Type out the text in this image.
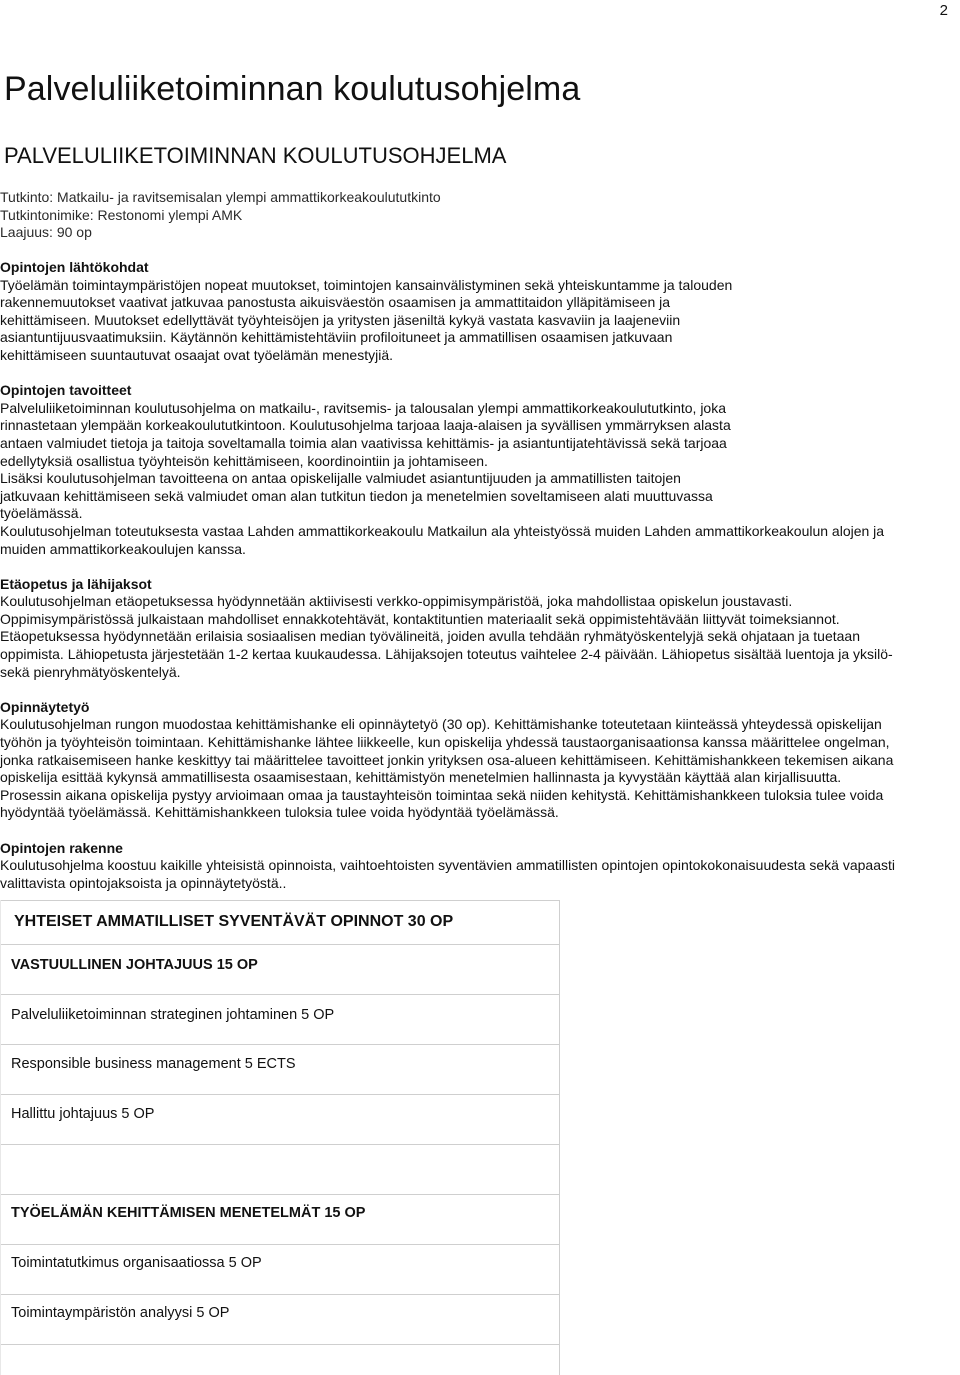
2
Palveluliiketoiminnan koulutusohjelma
PALVELULIIKETOIMINNAN KOULUTUSOHJELMA
Tutkinto: Matkailu- ja ravitsemisalan ylempi ammattikorkeakoulututkinto
Tutkintonimike: Restonomi ylempi AMK
Laajuus: 90 op

Opintojen lähtökohdat

Työelämän toimintaympäristöjen nopeat muutokset, toimintojen kansainvälistyminen sekä yhteiskuntamme ja talouden
rakennemuutokset vaativat jatkuvaa panostusta aikuisväestön osaamisen ja ammattitaidon ylläpitämiseen ja
kehittämiseen. Muutokset edellyttävät työyhteisöjen ja yritysten jäseniltä kykyä vastata kasvaviin ja laajeneviin
asiantuntijuusvaatimuksiin. Käytännön kehittämistehtäviin profiloituneet ja ammatillisen osaamisen jatkuvaan
kehittämiseen suuntautuvat osaajat ovat työelämän menestyjiä.

Opintojen tavoitteet

Palveluliiketoiminnan koulutusohjelma on matkailu-, ravitsemis- ja talousalan ylempi ammattikorkeakoulututkinto, joka
rinnastetaan ylempään korkeakoulututkintoon. Koulutusohjelma tarjoaa laaja-alaisen ja syvällisen ymmärryksen alasta
antaen valmiudet tietoja ja taitoja soveltamalla toimia alan vaativissa kehittämis- ja asiantuntijatehtävissä sekä tarjoaa
edellytyksiä osallistua työyhteisön kehittämiseen, koordinointiin ja johtamiseen.
Lisäksi koulutusohjelman tavoitteena on antaa opiskelijalle valmiudet asiantuntijuuden ja ammatillisten taitojen
jatkuvaan kehittämiseen sekä valmiudet oman alan tutkitun tiedon ja menetelmien soveltamiseen alati muuttuvassa
työelämässä.
Koulutusohjelman toteutuksesta vastaa Lahden ammattikorkeakoulu Matkailun ala yhteistyössä muiden Lahden ammattikorkeakoulun alojen ja
muiden ammattikorkeakoulujen kanssa.

Etäopetus ja lähijaksot

Koulutusohjelman etäopetuksessa hyödynnetään aktiivisesti verkko-oppimisympäristöä, joka mahdollistaa opiskelun joustavasti.
Oppimisympäristössä julkaistaan mahdolliset ennakkotehtävät, kontaktituntien materiaalit sekä oppimistehtävään liittyvät toimeksiannot.
Etäopetuksessa hyödynnetään erilaisia sosiaalisen median työvälineitä, joiden avulla tehdään ryhmätyöskentelyjä sekä ohjataan ja tuetaan
oppimista. Lähiopetusta järjestetään 1-2 kertaa kuukaudessa. Lähijaksojen toteutus vaihtelee 2-4 päivään. Lähiopetus sisältää luentoja ja yksilö-
sekä pienryhmätyöskentelyä.

Opinnäytetyö

Koulutusohjelman rungon muodostaa kehittämishanke eli opinnäytetyö (30 op). Kehittämishanke toteutetaan kiinteässä yhteydessä opiskelijan
työhön ja työyhteisön toimintaan. Kehittämishanke lähtee liikkeelle, kun opiskelija yhdessä taustaorganisaationsa kanssa määrittelee ongelman,
jonka ratkaisemiseen hanke keskittyy tai määrittelee tavoitteet jonkin yrityksen osa-alueen kehittämiseen. Kehittämishankkeen tekemisen aikana
opiskelija esittää kykynsä ammatillisesta osaamisestaan, kehittämistyön menetelmien hallinnasta ja kyvystään käyttää alan kirjallisuutta.
Prosessin aikana opiskelija pystyy arvioimaan omaa ja taustayhteisön toimintaa sekä niiden kehitystä. Kehittämishankkeen tuloksia tulee voida
hyödyntää työelämässä. Kehittämishankkeen tuloksia tulee voida hyödyntää työelämässä.

Opintojen rakenne

Koulutusohjelma koostuu kaikille yhteisistä opinnoista, vaihtoehtoisten syventävien ammatillisten opintojen opintokokonaisuudesta sekä vapaasti
valittavista opintojaksoista ja opinnäytetyöstä..
YHTEISET AMMATILLISET SYVENTÄVÄT OPINNOT 30 OP
VASTUULLINEN JOHTAJUUS 15 OP
Palveluliiketoiminnan strateginen johtaminen 5 OP
Responsible business management 5 ECTS
Hallittu johtajuus 5 OP
TYÖELÄMÄN KEHITTÄMISEN MENETELMÄT 15 OP
Toimintatutkimus organisaatiossa 5 OP
Toimintaympäristön analyysi 5 OP
